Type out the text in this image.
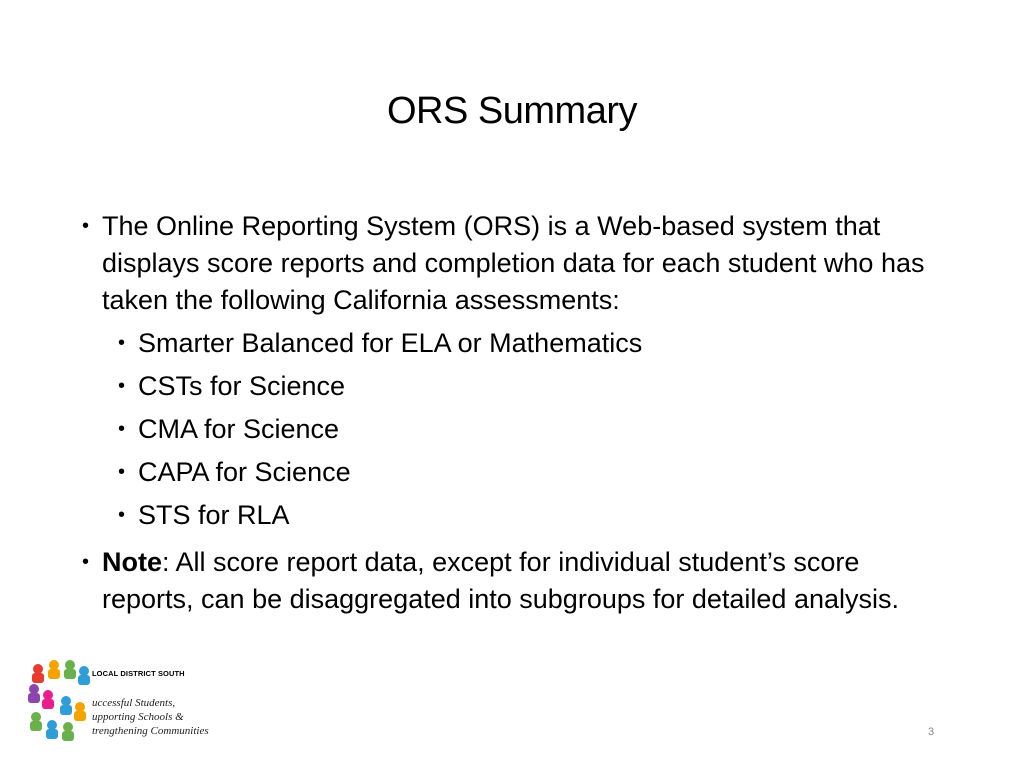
ORS Summary
• The Online Reporting System (ORS) is a Web-based system that displays score reports and completion data for each student who has taken the following California assessments:
• Smarter Balanced for ELA or Mathematics
• CSTs for Science
• CMA for Science
• CAPA for Science
• STS for RLA
• Note: All score report data, except for individual student’s score reports, can be disaggregated into subgroups for detailed analysis.
LOCAL DISTRICT SOUTH
uccessful Students,
upporting Schools &
trengthening Communities	3
